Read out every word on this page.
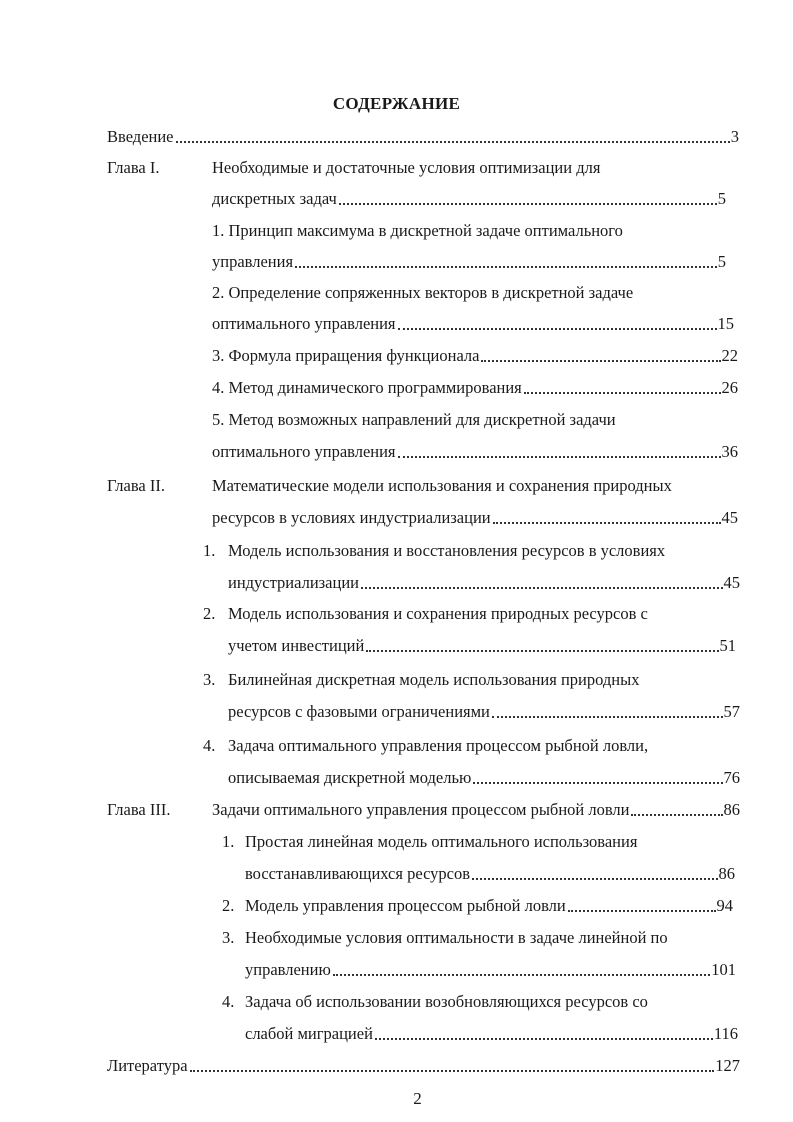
СОДЕРЖАНИЕ
Введение	3
Глава I.	Необходимые и достаточные условия оптимизации для
дискретных задач	5
1. Принцип максимума в дискретной задаче оптимального
управления	5
2. Определение сопряженных векторов в дискретной задаче
оптимального управления	15
3. Формула приращения функционала	22
4. Метод динамического программирования	26
5. Метод возможных направлений для дискретной задачи
оптимального управления	36
Глава II.	Математические модели использования и сохранения природных
ресурсов в условиях индустриализации	45
1. Модель использования и восстановления ресурсов в условиях
индустриализации	45
2. Модель использования и сохранения природных ресурсов с
учетом инвестиций	51
3. Билинейная дискретная модель использования природных
ресурсов с фазовыми ограничениями	57
4. Задача оптимального управления процессом рыбной ловли,
описываемая дискретной моделью	76
Глава III.	Задачи оптимального управления процессом рыбной ловли	86
1. Простая линейная модель оптимального использования
восстанавливающихся ресурсов	86
2. Модель управления процессом рыбной ловли	94
3. Необходимые условия оптимальности в задаче линейной по
управлению	101
4. Задача об использовании возобновляющихся ресурсов со
слабой миграцией	116
Литература	127
2
